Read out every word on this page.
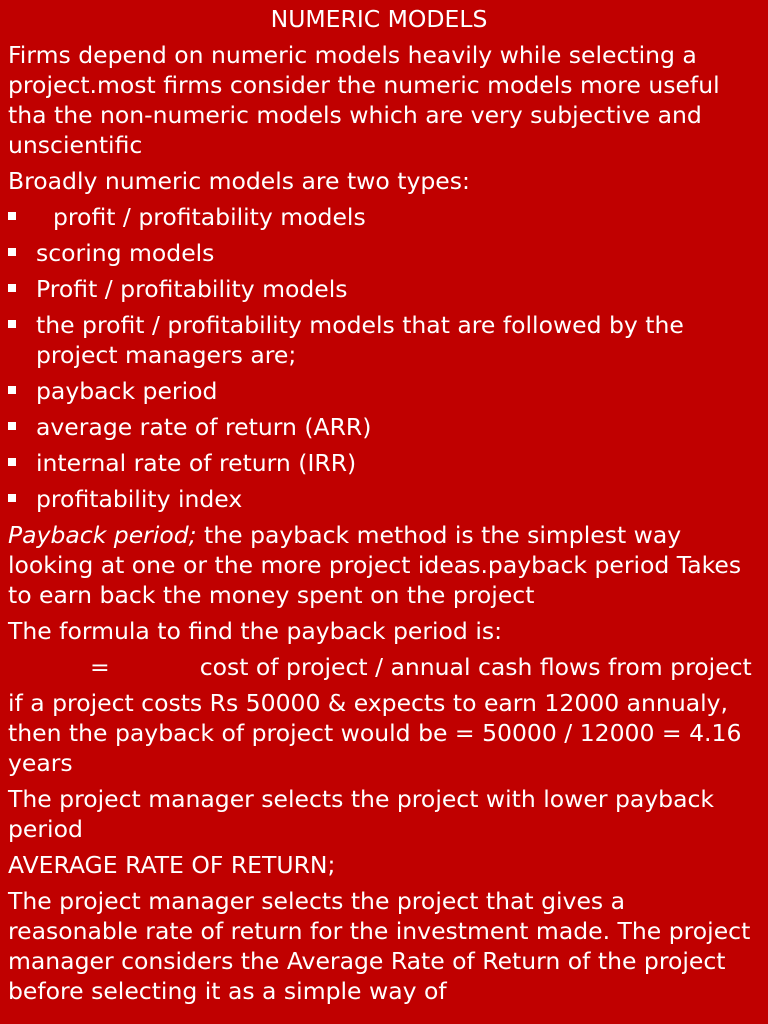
NUMERIC MODELS

Firms depend on numeric models heavily while selecting a project.most firms consider the numeric models more useful tha the non-numeric models which are very subjective and unscientific

Broadly numeric models are two types:

profit / profitability models
scoring models
Profit / profitability models
the profit / profitability models that are followed by the project managers are;
payback period
average rate of return (ARR)
internal rate of return (IRR)
profitability index

Payback period; the payback method is the simplest way looking at one or the more project ideas.payback period Takes to earn back the money spent on the project

The formula to find the payback period is:

=	cost of project / annual cash flows from project

if a project costs Rs 50000 & expects to earn 12000 annualy, then the payback of project would be = 50000 / 12000 = 4.16 years

The project manager selects the project with lower payback period

AVERAGE RATE OF RETURN;

The project manager selects the project that gives a reasonable rate of return for the investment made. The project manager considers the Average Rate of Return of the project before selecting it as a simple way of
